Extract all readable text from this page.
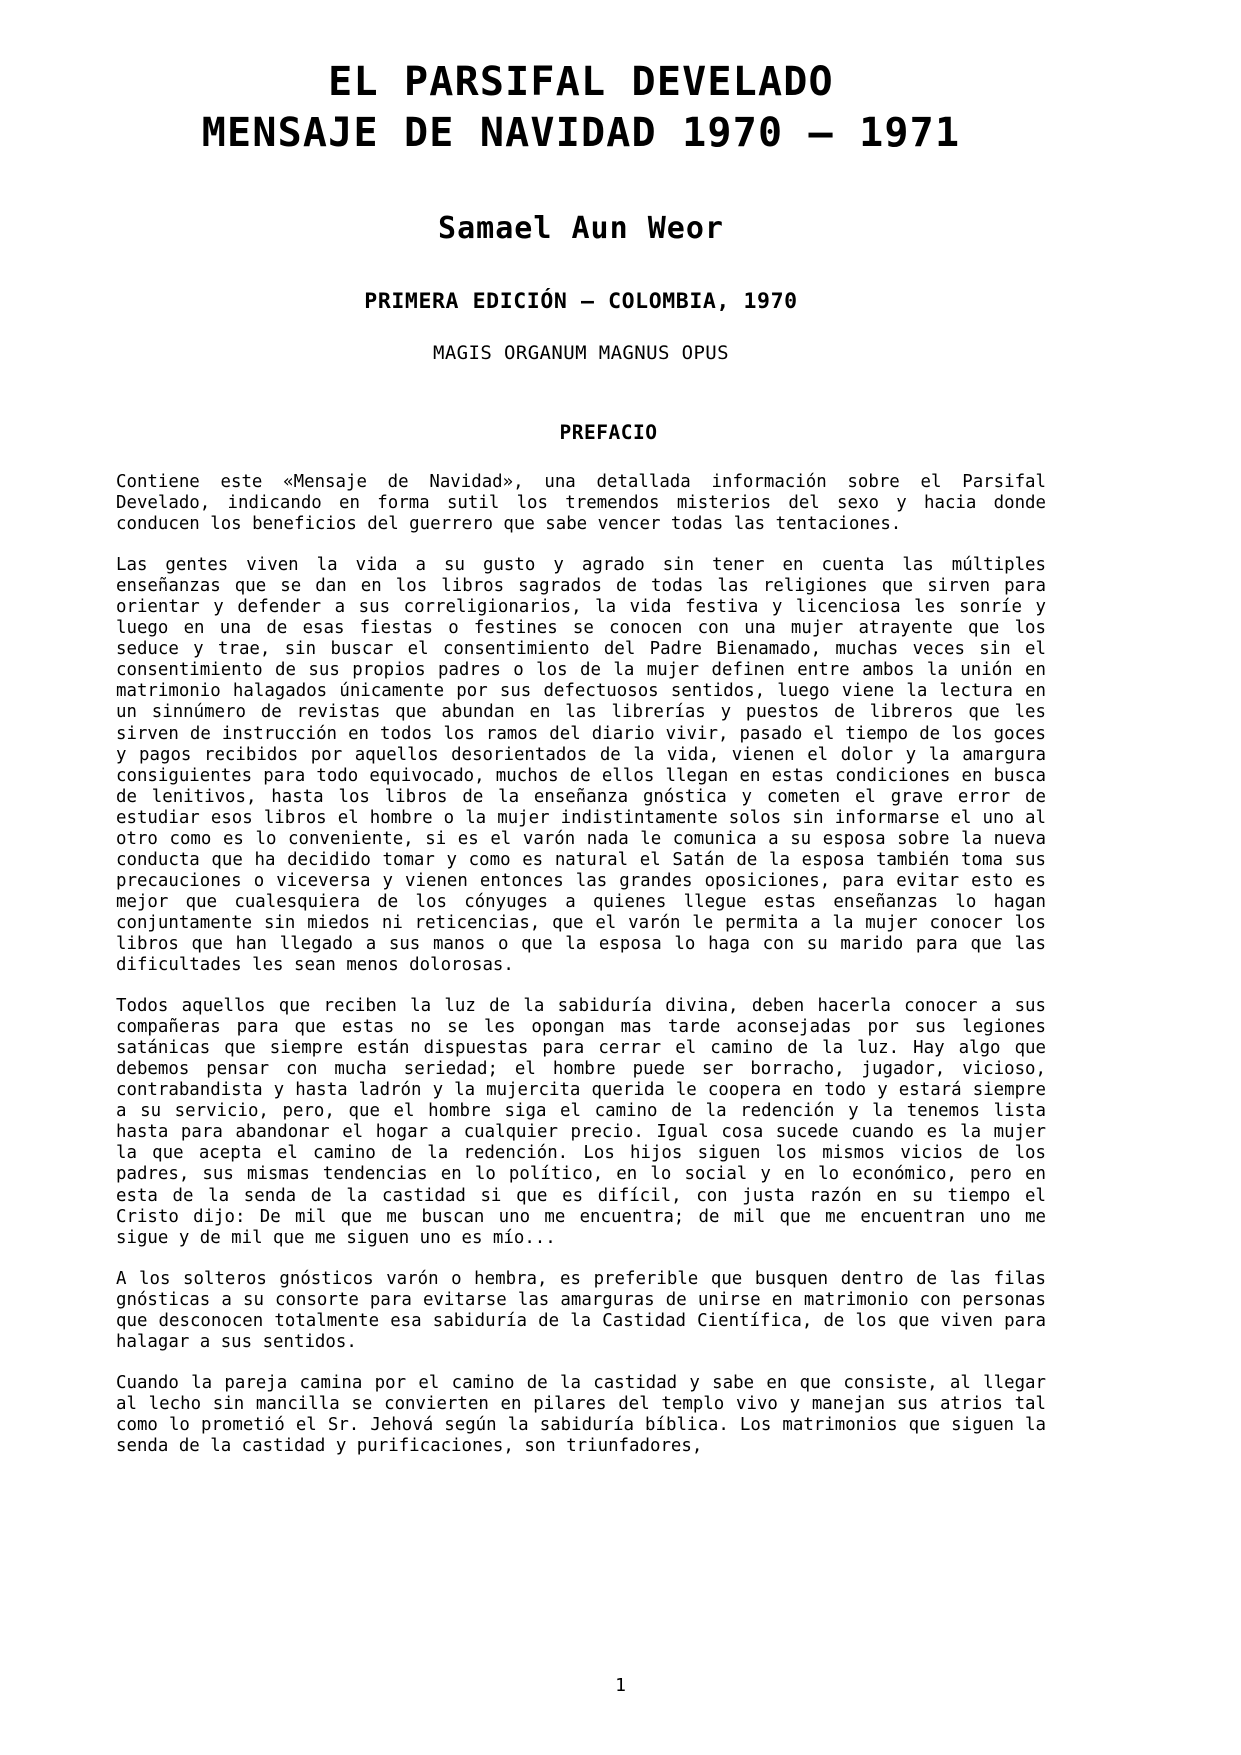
EL PARSIFAL DEVELADO
MENSAJE DE NAVIDAD 1970 – 1971
Samael Aun Weor
PRIMERA EDICIÓN – COLOMBIA, 1970
MAGIS ORGANUM MAGNUS OPUS
PREFACIO

Contiene este «Mensaje de Navidad», una detallada información sobre el Parsifal Develado, indicando en forma sutil los tremendos misterios del sexo y hacia donde conducen los beneficios del guerrero que sabe vencer todas las tentaciones.

Las gentes viven la vida a su gusto y agrado sin tener en cuenta las múltiples enseñanzas que se dan en los libros sagrados de todas las religiones que sirven para orientar y defender a sus correligionarios, la vida festiva y licenciosa les sonríe y luego en una de esas fiestas o festines se conocen con una mujer atrayente que los seduce y trae, sin buscar el consentimiento del Padre Bienamado, muchas veces sin el consentimiento de sus propios padres o los de la mujer definen entre ambos la unión en matrimonio halagados únicamente por sus defectuosos sentidos, luego viene la lectura en un sinnúmero de revistas que abundan en las librerías y puestos de libreros que les sirven de instrucción en todos los ramos del diario vivir, pasado el tiempo de los goces y pagos recibidos por aquellos desorientados de la vida, vienen el dolor y la amargura consiguientes para todo equivocado, muchos de ellos llegan en estas condiciones en busca de lenitivos, hasta los libros de la enseñanza gnóstica y cometen el grave error de estudiar esos libros el hombre o la mujer indistintamente solos sin informarse el uno al otro como es lo conveniente, si es el varón nada le comunica a su esposa sobre la nueva conducta que ha decidido tomar y como es natural el Satán de la esposa también toma sus precauciones o viceversa y vienen entonces las grandes oposiciones, para evitar esto es mejor que cualesquiera de los cónyuges a quienes llegue estas enseñanzas lo hagan conjuntamente sin miedos ni reticencias, que el varón le permita a la mujer conocer los libros que han llegado a sus manos o que la esposa lo haga con su marido para que las dificultades les sean menos dolorosas.

Todos aquellos que reciben la luz de la sabiduría divina, deben hacerla conocer a sus compañeras para que estas no se les opongan mas tarde aconsejadas por sus legiones satánicas que siempre están dispuestas para cerrar el camino de la luz. Hay algo que debemos pensar con mucha seriedad; el hombre puede ser borracho, jugador, vicioso, contrabandista y hasta ladrón y la mujercita querida le coopera en todo y estará siempre a su servicio, pero, que el hombre siga el camino de la redención y la tenemos lista hasta para abandonar el hogar a cualquier precio. Igual cosa sucede cuando es la mujer la que acepta el camino de la redención. Los hijos siguen los mismos vicios de los padres, sus mismas tendencias en lo político, en lo social y en lo económico, pero en esta de la senda de la castidad si que es difícil, con justa razón en su tiempo el Cristo dijo: De mil que me buscan uno me encuentra; de mil que me encuentran uno me sigue y de mil que me siguen uno es mío...

A los solteros gnósticos varón o hembra, es preferible que busquen dentro de las filas gnósticas a su consorte para evitarse las amarguras de unirse en matrimonio con personas que desconocen totalmente esa sabiduría de la Castidad Científica, de los que viven para halagar a sus sentidos.

Cuando la pareja camina por el camino de la castidad y sabe en que consiste, al llegar al lecho sin mancilla se convierten en pilares del templo vivo y manejan sus atrios tal como lo prometió el Sr. Jehová según la sabiduría bíblica. Los matrimonios que siguen la senda de la castidad y purificaciones, son triunfadores,

1
